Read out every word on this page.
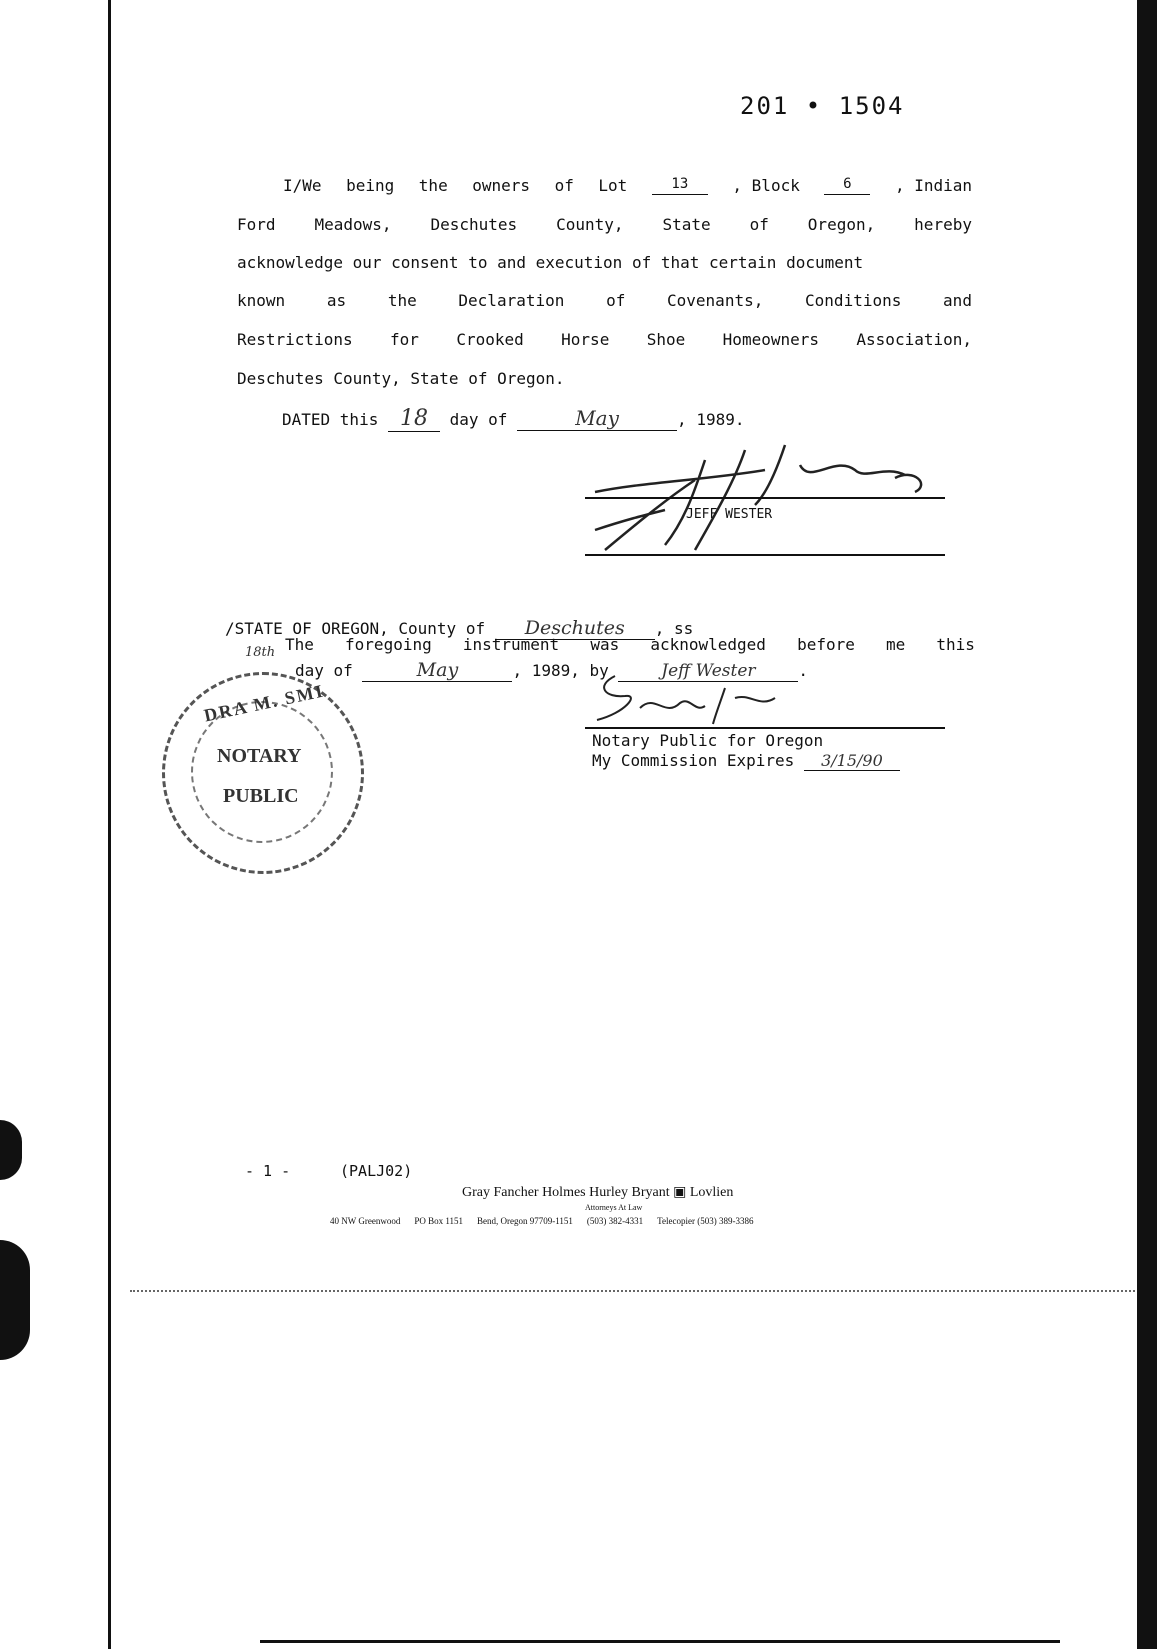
201 • 1504
I/We being the owners of Lot	13	, Block	6	, Indian
Ford Meadows, Deschutes County, State of Oregon, hereby
acknowledge our consent to and execution of that certain document
known	as	the	Declaration	of	Covenants,	Conditions	and
Restrictions for Crooked Horse Shoe Homeowners Association,
Deschutes County, State of Oregon.
DATED this 18 day of	May	, 1989.
JEFF WESTER
/STATE OF OREGON, County of Deschutes , ss
The foregoing instrument was acknowledged before me this
18th
day of	May	, 1989, by	Jeff Wester	.
Notary Public for Oregon
My Commission Expires 3/15/90
DRA M. SMI
NOTARY
PUBLIC
- 1 -	(PALJ02)
Gray Fancher Holmes Hurley Bryant ▣ Lovlien
Attorneys At Law
40 NW Greenwood PO Box 1151 Bend, Oregon 97709-1151 (503) 382-4331 Telecopier (503) 389-3386
